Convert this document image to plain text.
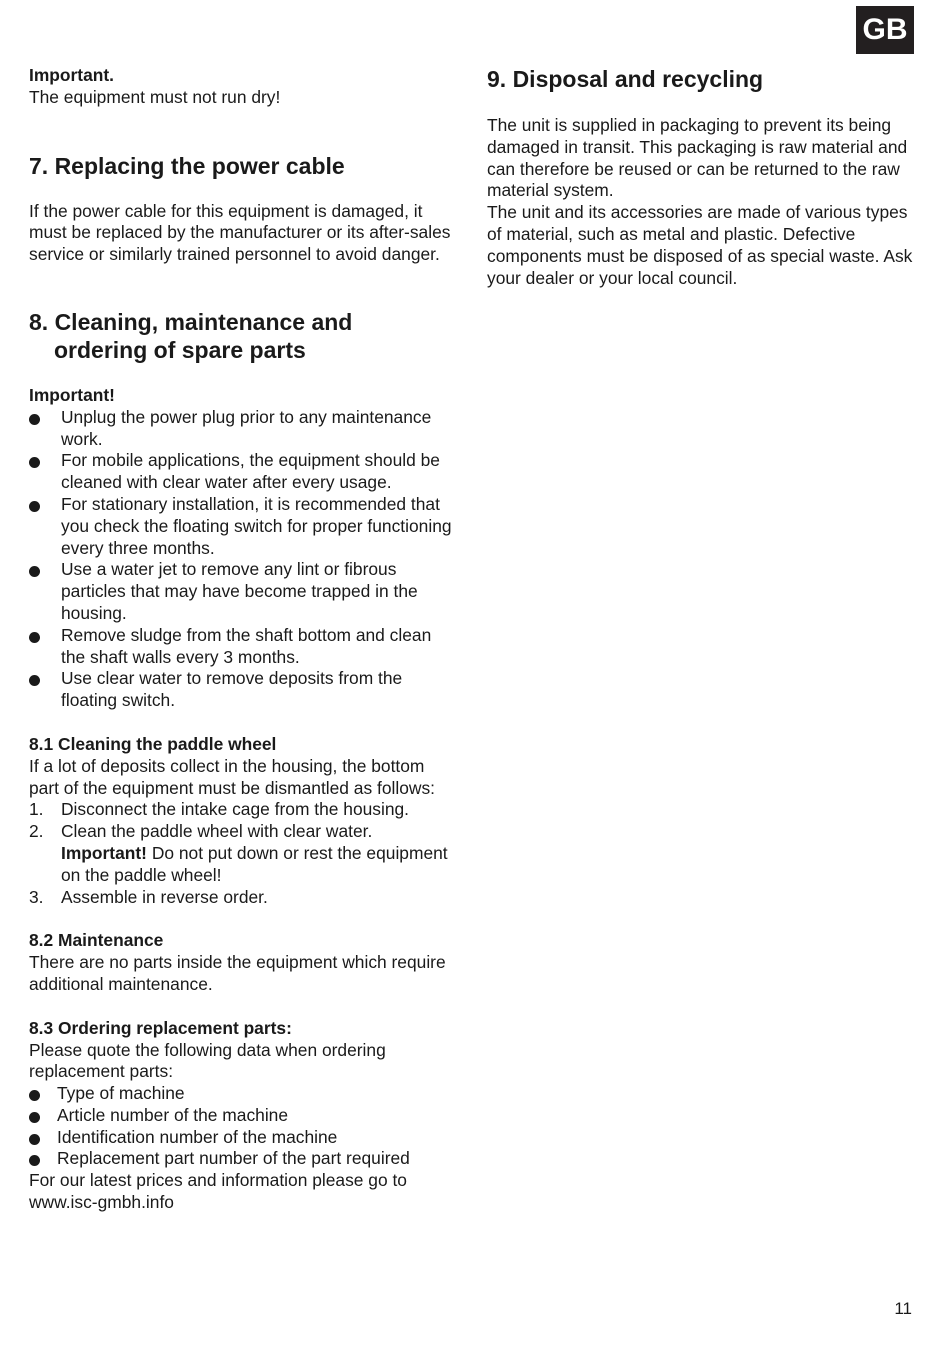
GB

Important.

The equipment must not run dry!

7. Replacing the power cable

If the power cable for this equipment is damaged, it must be replaced by the manufacturer or its after-sales service or similarly trained personnel to avoid danger.

8. Cleaning, maintenance and
ordering of spare parts

Important!

Unplug the power plug prior to any maintenance work.
For mobile applications, the equipment should be cleaned with clear water after every usage.
For stationary installation, it is recommended that you check the floating switch for proper functioning every three months.
Use a water jet to remove any lint or fibrous particles that may have become trapped in the housing.
Remove sludge from the shaft bottom and clean the shaft walls every 3 months.
Use clear water to remove deposits from the floating switch.

8.1 Cleaning the paddle wheel

If a lot of deposits collect in the housing, the bottom part of the equipment must be dismantled as follows:

1. Disconnect the intake cage from the housing.
2. Clean the paddle wheel with clear water.
Important! Do not put down or rest the equipment on the paddle wheel!
3. Assemble in reverse order.

8.2 Maintenance

There are no parts inside the equipment which require additional maintenance.

8.3 Ordering replacement parts:

Please quote the following data when ordering replacement parts:

Type of machine
Article number of the machine
Identification number of the machine
Replacement part number of the part required

For our latest prices and information please go to www.isc-gmbh.info

9. Disposal and recycling

The unit is supplied in packaging to prevent its being damaged in transit. This packaging is raw material and can therefore be reused or can be returned to the raw material system.

The unit and its accessories are made of various types of material, such as metal and plastic. Defective components must be disposed of as special waste. Ask your dealer or your local council.

11
